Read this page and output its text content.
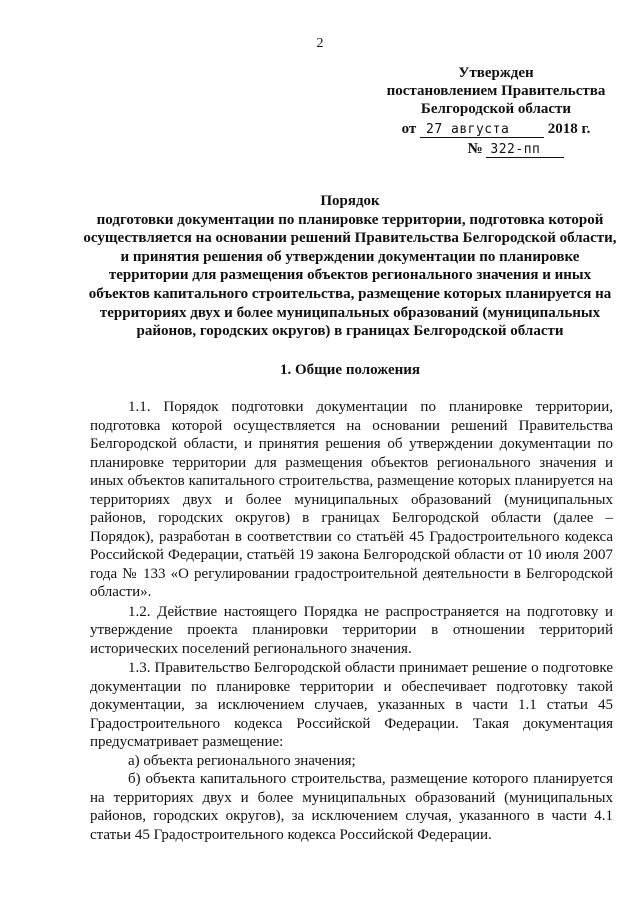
2
Утвержден
постановлением Правительства
Белгородской области
от 27 августа	2018 г.
№ 322-пп
Порядок
подготовки документации по планировке территории, подготовка которой осуществляется на основании решений Правительства Белгородской области, и принятия решения об утверждении документации по планировке территории для размещения объектов регионального значения и иных объектов капитального строительства, размещение которых планируется на территориях двух и более муниципальных образований (муниципальных районов, городских округов) в границах Белгородской области
1. Общие положения

1.1. Порядок подготовки документации по планировке территории, подготовка которой осуществляется на основании решений Правительства Белгородской области, и принятия решения об утверждении документации по планировке территории для размещения объектов регионального значения и иных объектов капитального строительства, размещение которых планируется на территориях двух и более муниципальных образований (муниципальных районов, городских округов) в границах Белгородской области (далее – Порядок), разработан в соответствии со статьёй 45 Градостроительного кодекса Российской Федерации, статьёй 19 закона Белгородской области от 10 июля 2007 года № 133 «О регулировании градостроительной деятельности в Белгородской области».

1.2. Действие настоящего Порядка не распространяется на подготовку и утверждение проекта планировки территории в отношении территорий исторических поселений регионального значения.

1.3. Правительство Белгородской области принимает решение о подготовке документации по планировке территории и обеспечивает подготовку такой документации, за исключением случаев, указанных в части 1.1 статьи 45 Градостроительного кодекса Российской Федерации. Такая документация предусматривает размещение:

а) объекта регионального значения;

б) объекта капитального строительства, размещение которого планируется на территориях двух и более муниципальных образований (муниципальных районов, городских округов), за исключением случая, указанного в части 4.1 статьи 45 Градостроительного кодекса Российской Федерации.
